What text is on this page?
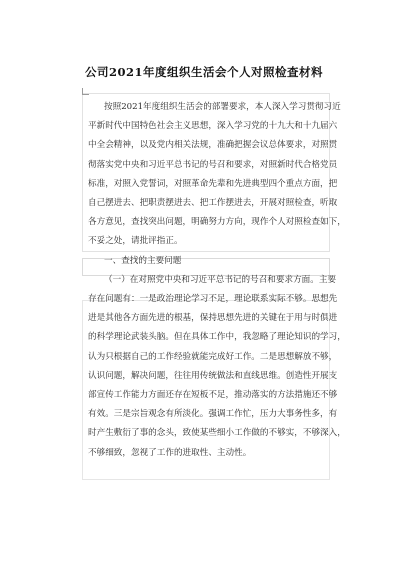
公司2021年度组织生活会个人对照检查材料
按照2021年度组织生活会的部署要求，本人深入学习贯彻习近
平新时代中国特色社会主义思想，深入学习党的十九大和十九届六
中全会精神，以及党内相关法规，准确把握会议总体要求，对照贯
彻落实党中央和习近平总书记的号召和要求，对照新时代合格党员
标准，对照入党誓词，对照革命先辈和先进典型四个重点方面，把
自己摆进去、把职责摆进去、把工作摆进去，开展对照检查，听取
各方意见，查找突出问题，明确努力方向，现作个人对照检查如下，
不妥之处，请批评指正。
一、查找的主要问题
（一）在对照党中央和习近平总书记的号召和要求方面。主要
存在问题有：一是政治理论学习不足，理论联系实际不够。思想先
进是其他各方面先进的根基，保持思想先进的关键在于用与时俱进
的科学理论武装头脑。但在具体工作中，我忽略了理论知识的学习，
认为只根据自己的工作经验就能完成好工作。二是思想解放不够，
认识问题，解决问题，往往用传统做法和直线思维。创造性开展支
部宣传工作能力方面还存在短板不足，推动落实的方法措施还不够
有效。三是宗旨观念有所淡化。强调工作忙，压力大事务性多，有
时产生敷衍了事的念头，致使某些细小工作做的不够实，不够深入，
不够细致，忽视了工作的进取性、主动性。
